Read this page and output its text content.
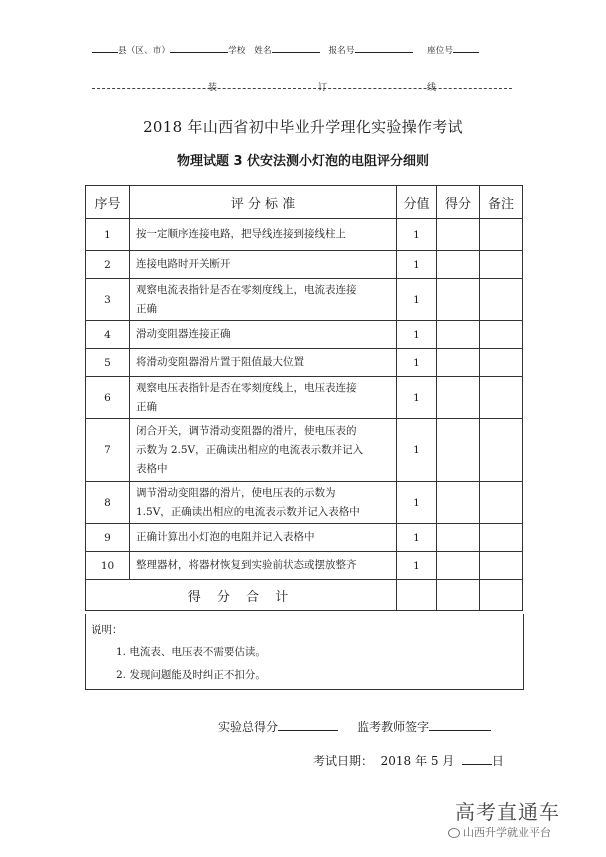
县（区、市）	学校 姓名	报名号	座位号
装	订	线
2018 年山西省初中毕业升学理化实验操作考试
物理试题 3 伏安法测小灯泡的电阻评分细则
序号	评 分 标 准	分值	得分	备注
1	按一定顺序连接电路，把导线连接到接线柱上	1		
2	连接电路时开关断开	1		
3	观察电流表指针是否在零刻度线上，电流表连接
正确	1		
4	滑动变阻器连接正确	1		
5	将滑动变阻器滑片置于阻值最大位置	1		
6	观察电压表指针是否在零刻度线上，电压表连接
正确	1		
7	闭合开关，调节滑动变阻器的滑片，使电压表的
示数为 2.5V，正确读出相应的电流表示数并记入
表格中	1		
8	调节滑动变阻器的滑片，使电压表的示数为
1.5V，正确读出相应的电流表示数并记入表格中	1		
9	正确计算出小灯泡的电阻并记入表格中	1		
10	整理器材，将器材恢复到实验前状态或摆放整齐	1		
得 分 合 计				
说明：
1. 电流表、电压表不需要估读。
2. 发现问题能及时纠正不扣分。
实验总得分	监考教师签字
考试日期： 2018 年 5 月	日
高考直通车
山西升学就业平台
